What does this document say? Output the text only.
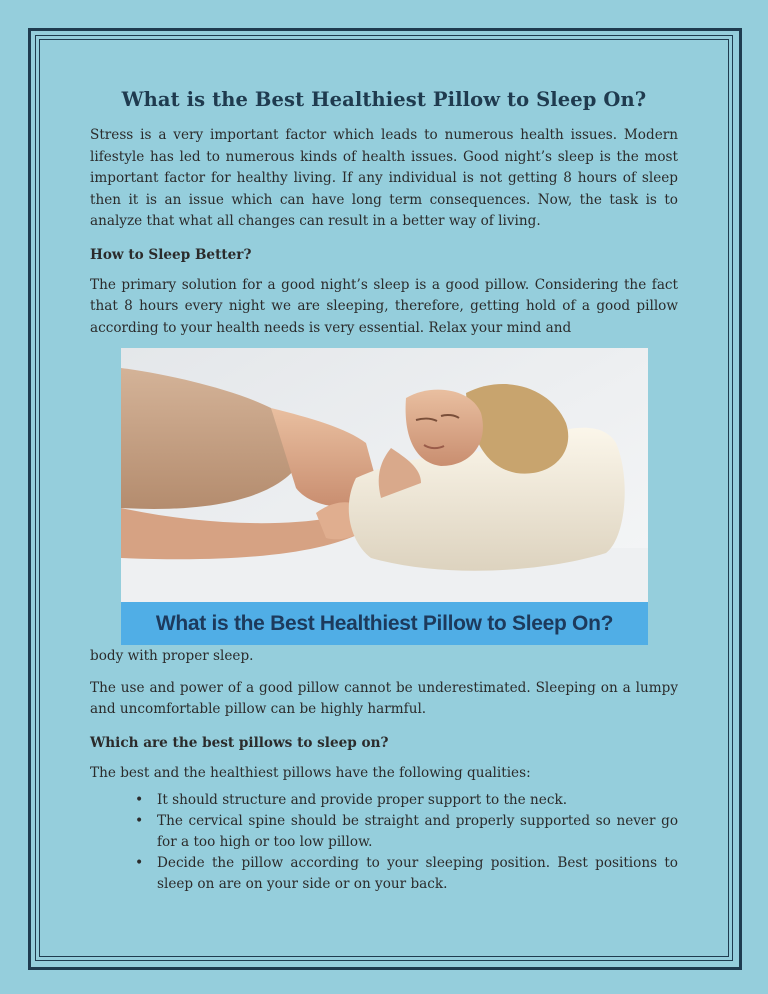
What is the Best Healthiest Pillow to Sleep On?

Stress is a very important factor which leads to numerous health issues. Modern lifestyle has led to numerous kinds of health issues. Good night’s sleep is the most important factor for healthy living. If any individual is not getting 8 hours of sleep then it is an issue which can have long term consequences. Now, the task is to analyze that what all changes can result in a better way of living.

How to Sleep Better?

The primary solution for a good night’s sleep is a good pillow. Considering the fact that 8 hours every night we are sleeping, therefore, getting hold of a good pillow according to your health needs is very essential. Relax your mind and

What is the Best Healthiest Pillow to Sleep On?

body with proper sleep.

The use and power of a good pillow cannot be underestimated. Sleeping on a lumpy and uncomfortable pillow can be highly harmful.

Which are the best pillows to sleep on?

The best and the healthiest pillows have the following qualities:

• It should structure and provide proper support to the neck.
• The cervical spine should be straight and properly supported so never go for a too high or too low pillow.
• Decide the pillow according to your sleeping position. Best positions to sleep on are on your side or on your back.
